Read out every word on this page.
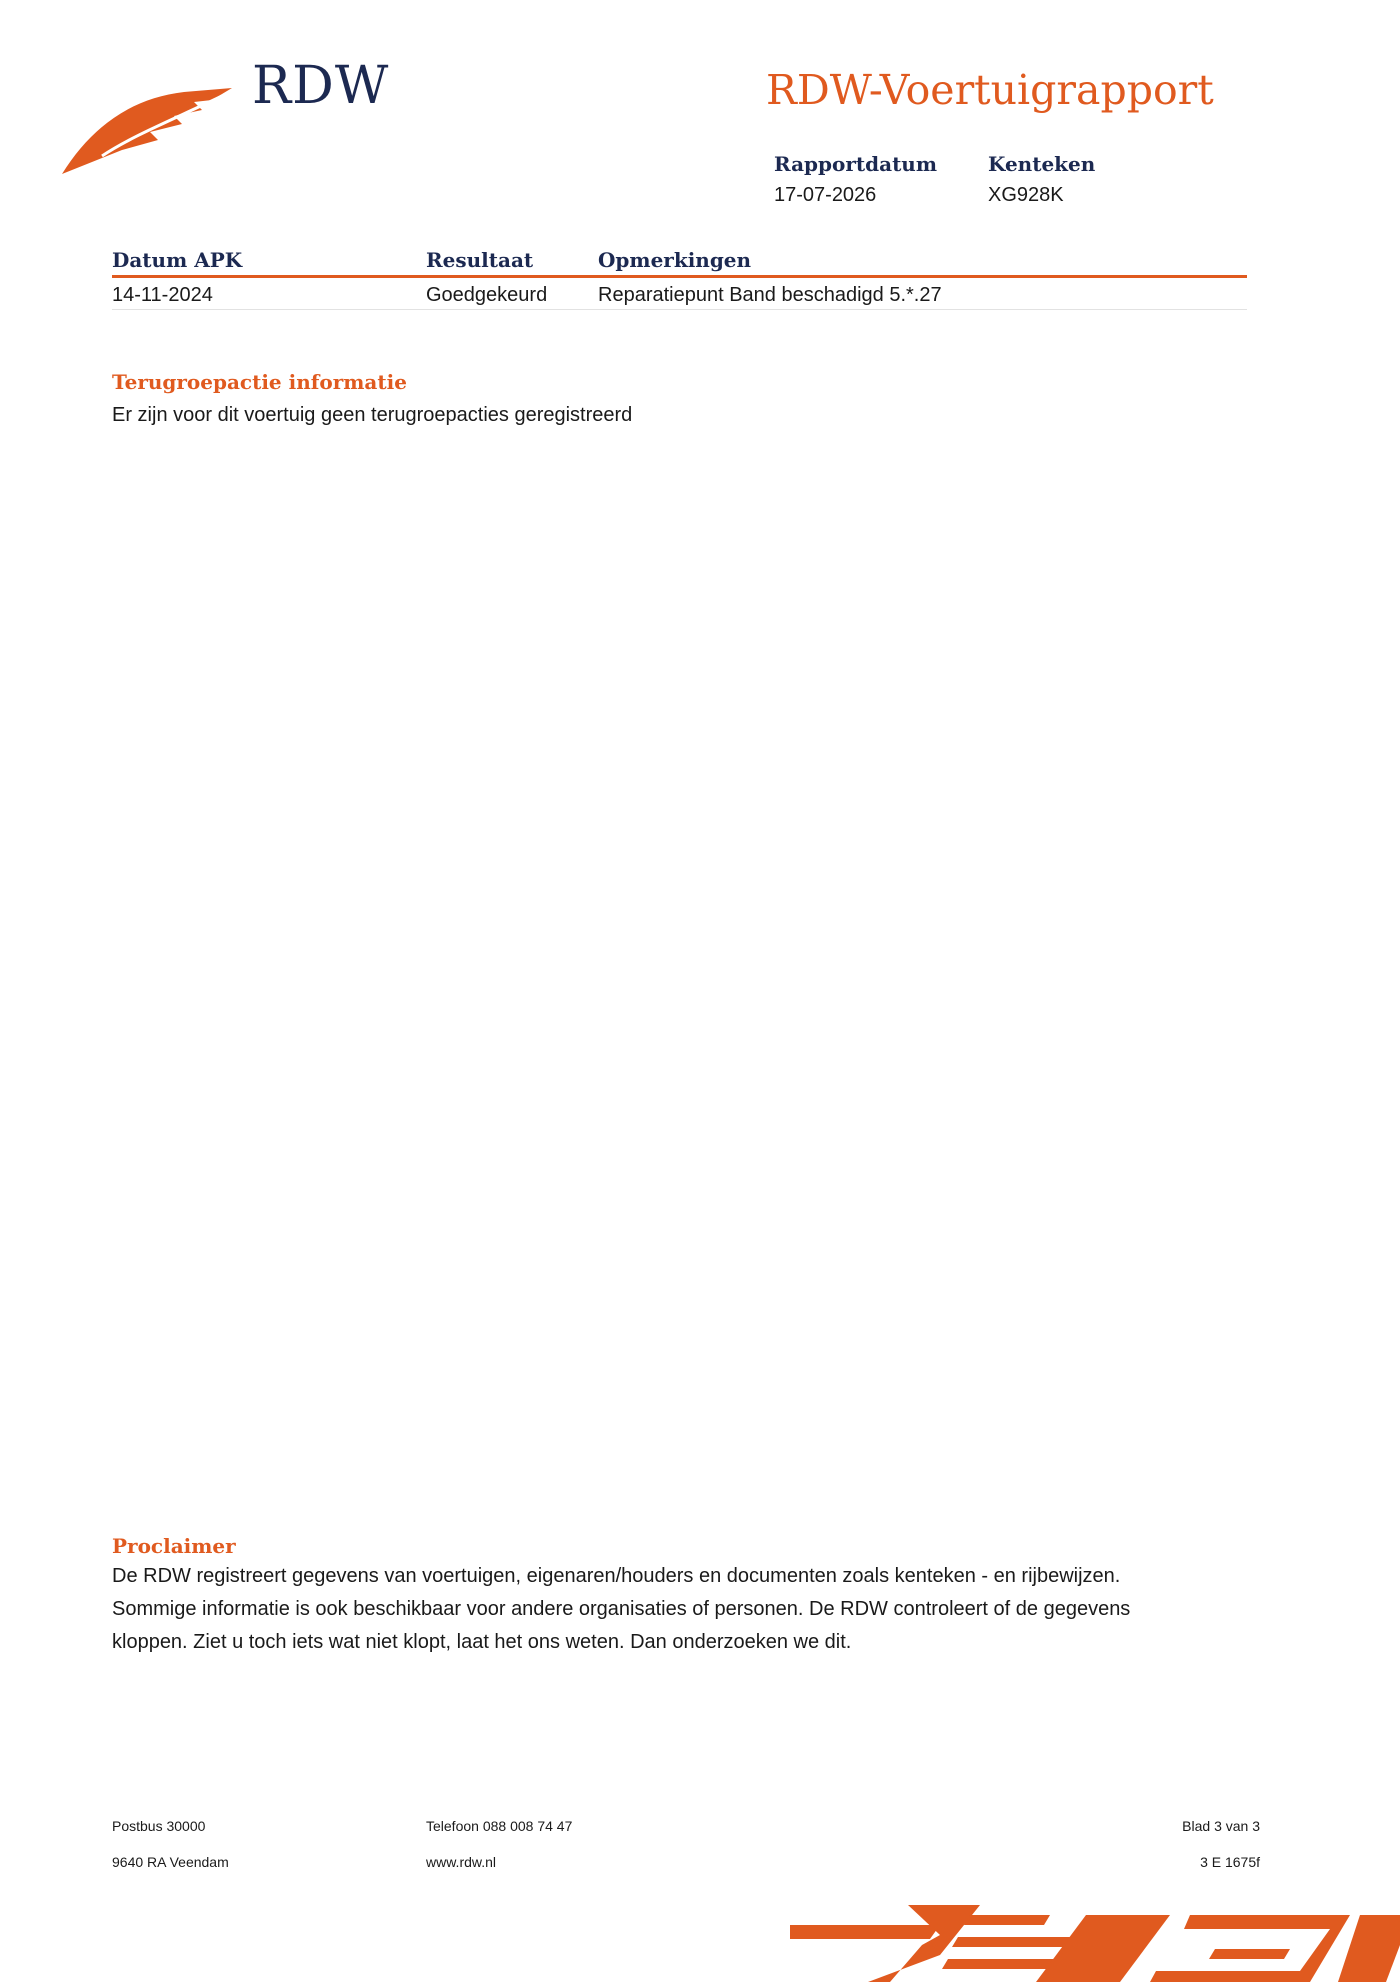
RDW	RDW-Voertuigrapport
Rapportdatum
17-07-2026
Kenteken
XG928K
Datum APK	Resultaat	Opmerkingen
14-11-2024	Goedgekeurd	Reparatiepunt Band beschadigd 5.*.27
Terugroepactie informatie
Er zijn voor dit voertuig geen terugroepacties geregistreerd
Proclaimer
De RDW registreert gegevens van voertuigen, eigenaren/houders en documenten zoals kenteken - en rijbewijzen.
Sommige informatie is ook beschikbaar voor andere organisaties of personen. De RDW controleert of de gegevens
kloppen. Ziet u toch iets wat niet klopt, laat het ons weten. Dan onderzoeken we dit.
Postbus 30000
9640 RA Veendam
Telefoon 088 008 74 47
www.rdw.nl
Blad 3 van 3
3 E 1675f
